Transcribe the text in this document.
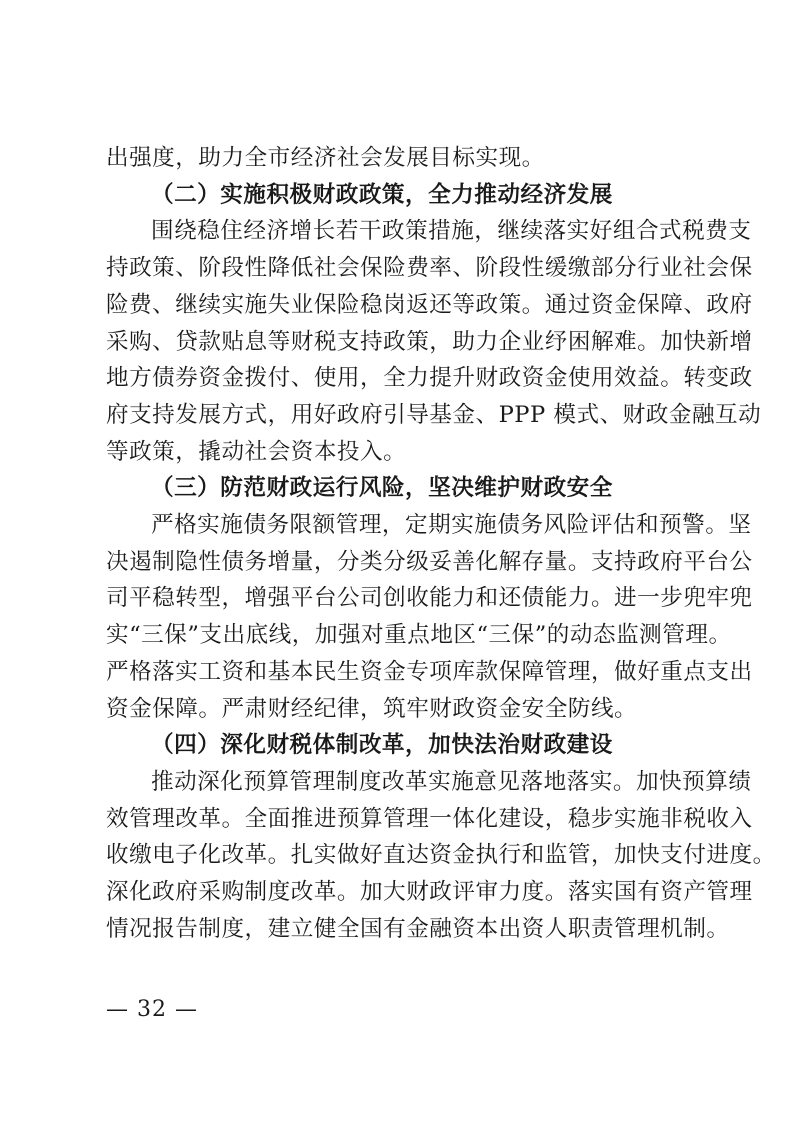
出强度，助力全市经济社会发展目标实现。

（二）实施积极财政政策，全力推动经济发展

围绕稳住经济增长若干政策措施，继续落实好组合式税费支
持政策、阶段性降低社会保险费率、阶段性缓缴部分行业社会保
险费、继续实施失业保险稳岗返还等政策。通过资金保障、政府
采购、贷款贴息等财税支持政策，助力企业纾困解难。加快新增
地方债券资金拨付、使用，全力提升财政资金使用效益。转变政
府支持发展方式，用好政府引导基金、PPP 模式、财政金融互动
等政策，撬动社会资本投入。

（三）防范财政运行风险，坚决维护财政安全

严格实施债务限额管理，定期实施债务风险评估和预警。坚
决遏制隐性债务增量，分类分级妥善化解存量。支持政府平台公
司平稳转型，增强平台公司创收能力和还债能力。进一步兜牢兜
实“三保”支出底线，加强对重点地区“三保”的动态监测管理。
严格落实工资和基本民生资金专项库款保障管理，做好重点支出
资金保障。严肃财经纪律，筑牢财政资金安全防线。

（四）深化财税体制改革，加快法治财政建设

推动深化预算管理制度改革实施意见落地落实。加快预算绩
效管理改革。全面推进预算管理一体化建设，稳步实施非税收入
收缴电子化改革。扎实做好直达资金执行和监管，加快支付进度。
深化政府采购制度改革。加大财政评审力度。落实国有资产管理
情况报告制度，建立健全国有金融资本出资人职责管理机制。

— 32 —
